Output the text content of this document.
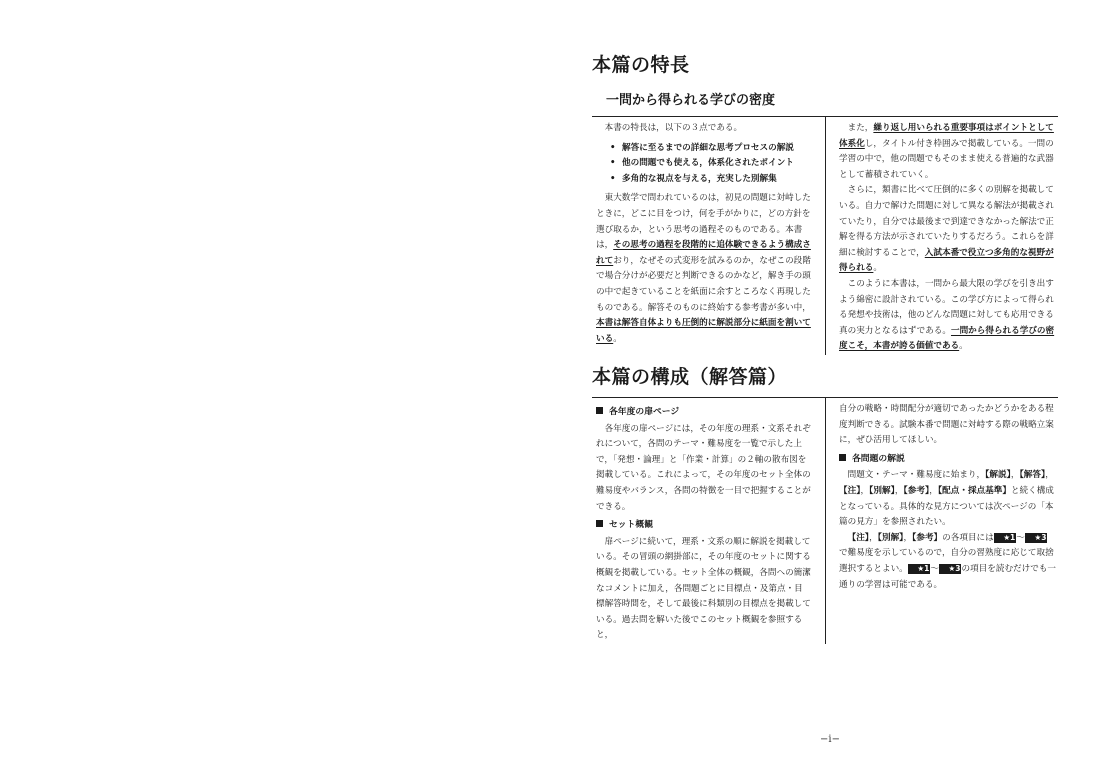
本篇の特長
一問から得られる学びの密度

本書の特長は，以下の３点である。

• 解答に至るまでの詳細な思考プロセスの解説
• 他の問題でも使える，体系化されたポイント
• 多角的な視点を与える，充実した別解集

東大数学で問われているのは，初見の問題に対峙したときに，どこに目をつけ，何を手がかりに，どの方針を選び取るか，という思考の過程そのものである。本書は，その思考の過程を段階的に追体験できるよう構成されており，なぜその式変形を試みるのか，なぜこの段階で場合分けが必要だと判断できるのかなど，解き手の頭の中で起きていることを紙面に余すところなく再現したものである。解答そのものに終始する参考書が多い中，本書は解答自体よりも圧倒的に解説部分に紙面を割いている。

また，繰り返し用いられる重要事項はポイントとして体系化し，タイトル付き枠囲みで掲載している。一問の学習の中で，他の問題でもそのまま使える普遍的な武器として蓄積されていく。

さらに，類書に比べて圧倒的に多くの別解を掲載している。自力で解けた問題に対して異なる解法が掲載されていたり，自分では最後まで到達できなかった解法で正解を得る方法が示されていたりするだろう。これらを詳細に検討することで，入試本番で役立つ多角的な視野が得られる。

このように本書は，一問から最大限の学びを引き出すよう綿密に設計されている。この学び方によって得られる発想や技術は，他のどんな問題に対しても応用できる真の実力となるはずである。一問から得られる学びの密度こそ，本書が誇る価値である。

本篇の構成（解答篇）
各年度の扉ページ

各年度の扉ページには，その年度の理系・文系それぞれについて，各問のテーマ・難易度を一覧で示した上で，「発想・論理」と「作業・計算」の２軸の散布図を掲載している。これによって，その年度のセット全体の難易度やバランス，各問の特徴を一目で把握することができる。

セット概観

扉ページに続いて，理系・文系の順に解説を掲載している。その冒頭の網掛部に，その年度のセットに関する概観を掲載している。セット全体の概観，各問への簡潔なコメントに加え，各問題ごとに目標点・及第点・目標解答時間を，そして最後に科類別の目標点を掲載している。過去問を解いた後でこのセット概観を参照すると，

自分の戦略・時間配分が適切であったかどうかをある程度判断できる。試験本番で問題に対峙する際の戦略立案に，ぜひ活用してほしい。

各問題の解説

問題文・テーマ・難易度に始まり，【解説】，【解答】，【注】，【別解】，【参考】，【配点・採点基準】と続く構成となっている。具体的な見方については次ページの「本篇の見方」を参照されたい。

【注】，【別解】，【参考】の各項目には ★1〜 ★3で難易度を示しているので，自分の習熟度に応じて取捨選択するとよい。 ★1〜 ★3の項目を読むだけでも一通りの学習は可能である。

−i−
